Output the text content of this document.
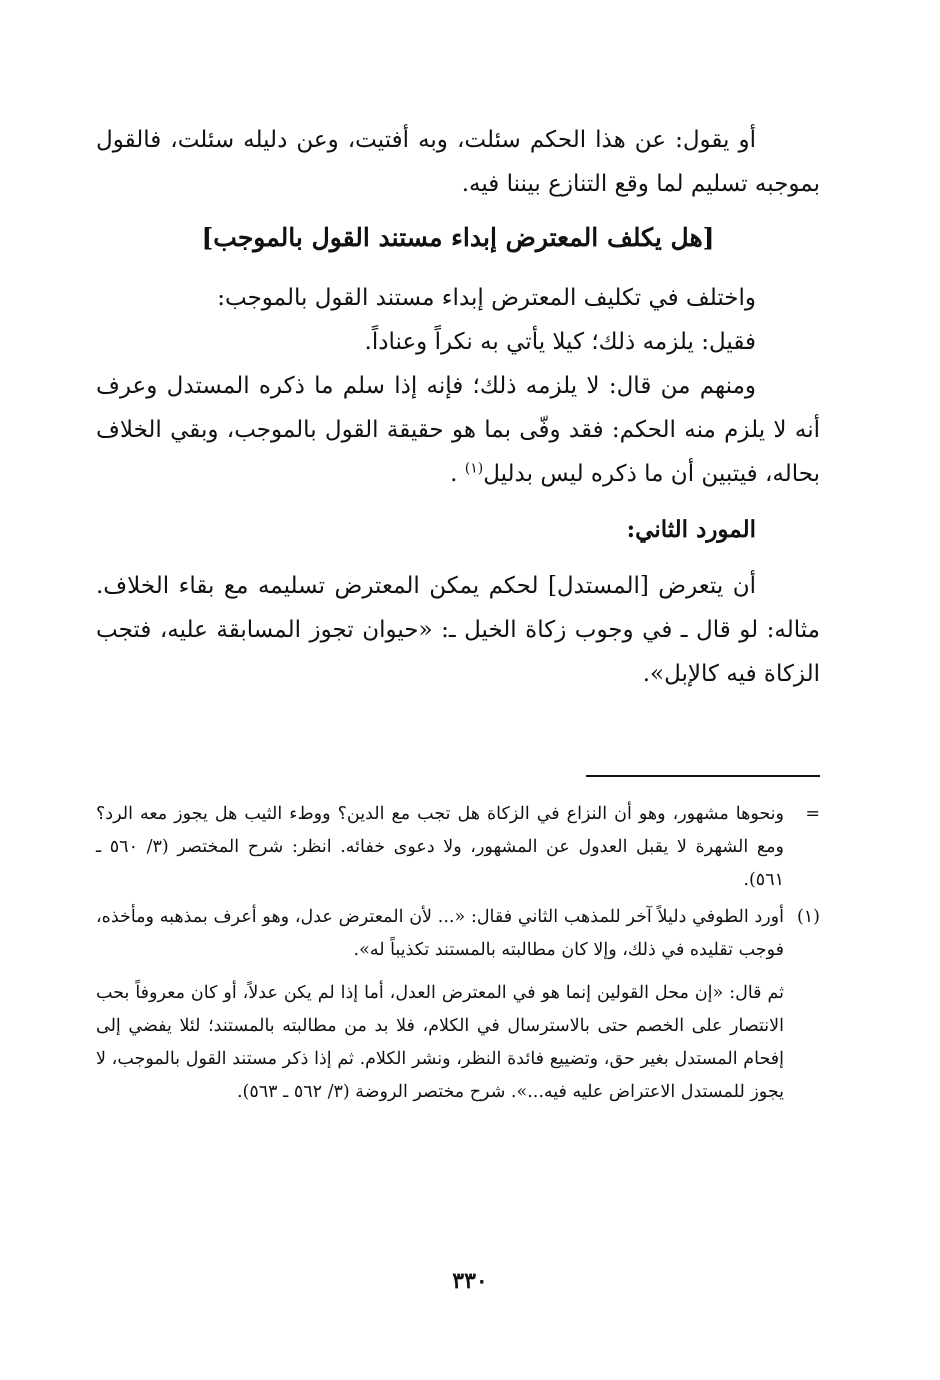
أو يقول: عن هذا الحكم سئلت، وبه أفتيت، وعن دليله سئلت، فالقول بموجبه تسليم لما وقع التنازع بيننا فيه.

[هل يكلف المعترض إبداء مستند القول بالموجب]

واختلف في تكليف المعترض إبداء مستند القول بالموجب:

فقيل: يلزمه ذلك؛ كيلا يأتي به نكراً وعناداً.

ومنهم من قال: لا يلزمه ذلك؛ فإنه إذا سلم ما ذكره المستدل وعرف أنه لا يلزم منه الحكم: فقد وفّى بما هو حقيقة القول بالموجب، وبقي الخلاف بحاله، فيتبين أن ما ذكره ليس بدليل$^{(١)}$ .

المورد الثاني:

أن يتعرض [المستدل] لحكم يمكن المعترض تسليمه مع بقاء الخلاف. مثاله: لو قال ـ في وجوب زكاة الخيل ـ: «حيوان تجوز المسابقة عليه، فتجب الزكاة فيه كالإبل».

=
ونحوها مشهور، وهو أن النزاع في الزكاة هل تجب مع الدين؟ ووطء الثيب هل يجوز معه الرد؟ ومع الشهرة لا يقبل العدول عن المشهور، ولا دعوى خفائه. انظر: شرح المختصر (٣/ ٥٦٠ ـ ٥٦١).

(١)
أورد الطوفي دليلاً آخر للمذهب الثاني فقال: «... لأن المعترض عدل، وهو أعرف بمذهبه ومأخذه، فوجب تقليده في ذلك، وإلا كان مطالبته بالمستند تكذيباً له».

ثم قال: «إن محل القولين إنما هو في المعترض العدل، أما إذا لم يكن عدلاً، أو كان معروفاً بحب الانتصار على الخصم حتى بالاسترسال في الكلام، فلا بد من مطالبته بالمستند؛ لئلا يفضي إلى إفحام المستدل بغير حق، وتضييع فائدة النظر، ونشر الكلام. ثم إذا ذكر مستند القول بالموجب، لا يجوز للمستدل الاعتراض عليه فيه...». شرح مختصر الروضة (٣/ ٥٦٢ ـ ٥٦٣).

٣٣٠
